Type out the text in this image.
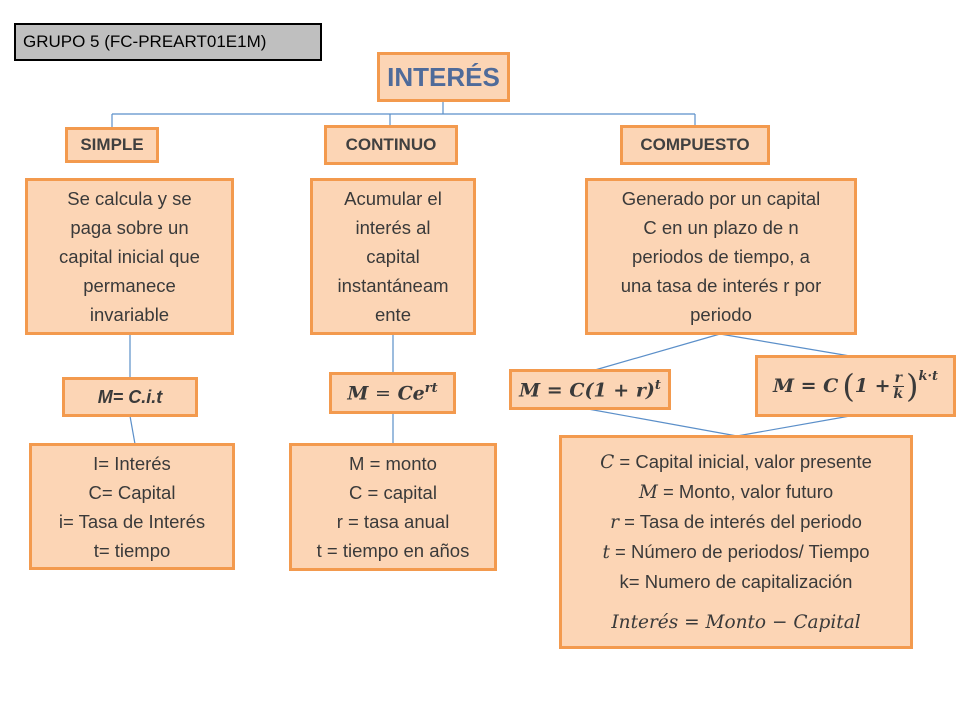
GRUPO 5 (FC-PREART01E1M)
INTERÉS
SIMPLE
Se calcula y se
paga sobre un
capital inicial que
permanece
invariable
M= C.i.t
I= Interés
C= Capital
i= Tasa de Interés
t= tiempo
CONTINUO
Acumular el
interés al
capital
instantáneam
ente
$M = Ce^{rt}$
M = monto
C = capital
r = tasa anual
t = tiempo en años
COMPUESTO
Generado por un capital
C en un plazo de n
periodos de tiempo, a
una tasa de interés r por
periodo
$M = C(1 + r)^t$	M = C ( $1 + \frac{r}{k} )^{k\cdot t}$
C = Capital inicial, valor presente
M = Monto, valor futuro
r = Tasa de interés del periodo
t = Número de periodos/ Tiempo
k= Numero de capitalización
Interés = Monto − Capital
